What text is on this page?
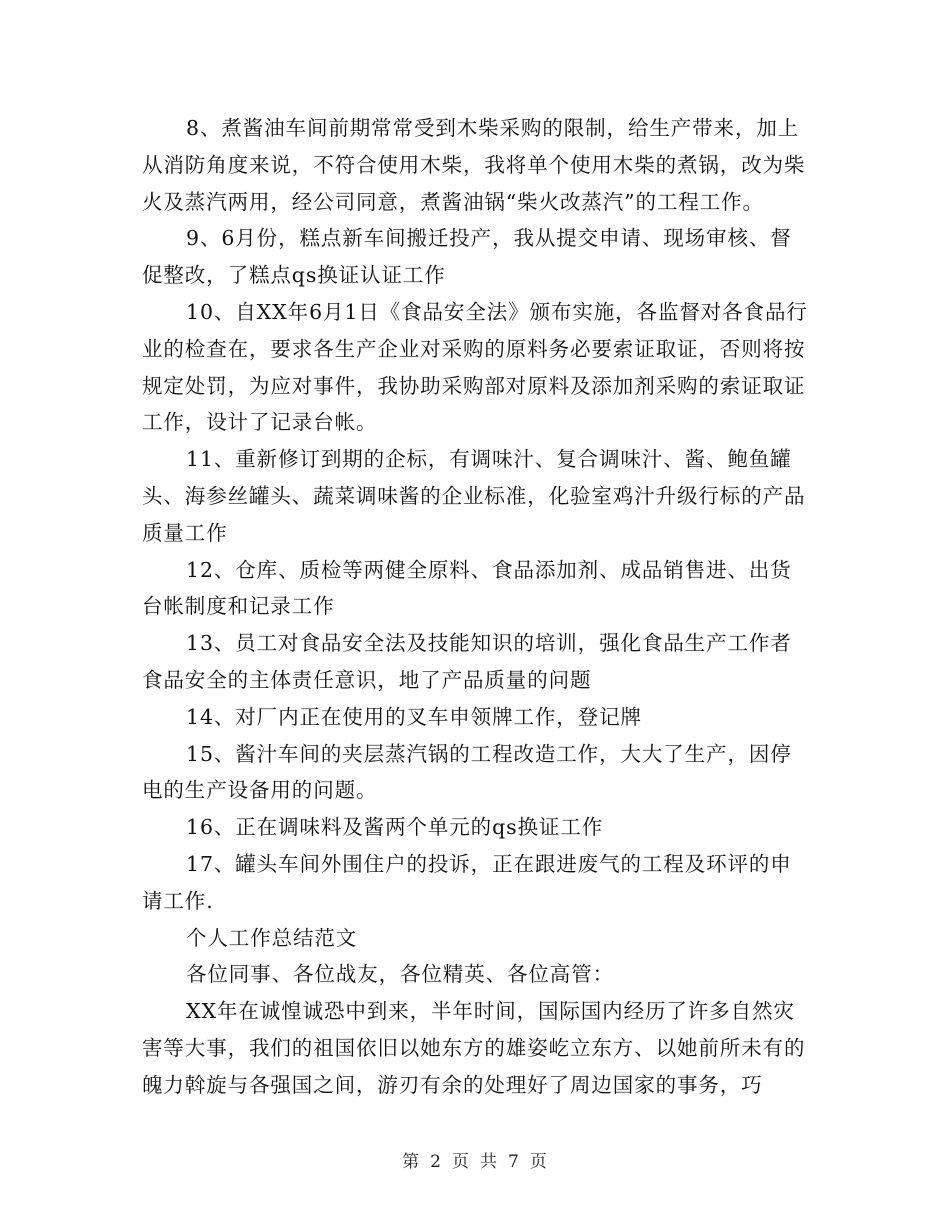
8、煮酱油车间前期常常受到木柴采购的限制，给生产带来，加上从消防角度来说，不符合使用木柴，我将单个使用木柴的煮锅，改为柴火及蒸汽两用，经公司同意，煮酱油锅“柴火改蒸汽”的工程工作。

9、6月份，糕点新车间搬迁投产，我从提交申请、现场审核、督促整改，了糕点qs换证认证工作

10、自XX年6月1日《食品安全法》颁布实施，各监督对各食品行业的检查在，要求各生产企业对采购的原料务必要索证取证，否则将按规定处罚，为应对事件，我协助采购部对原料及添加剂采购的索证取证工作，设计了记录台帐。

11、重新修订到期的企标，有调味汁、复合调味汁、酱、鲍鱼罐头、海参丝罐头、蔬菜调味酱的企业标准，化验室鸡汁升级行标的产品质量工作

12、仓库、质检等两健全原料、食品添加剂、成品销售进、出货台帐制度和记录工作

13、员工对食品安全法及技能知识的培训，强化食品生产工作者食品安全的主体责任意识，地了产品质量的问题

14、对厂内正在使用的叉车申领牌工作，登记牌

15、酱汁车间的夹层蒸汽锅的工程改造工作，大大了生产，因停电的生产设备用的问题。

16、正在调味料及酱两个单元的qs换证工作

17、罐头车间外围住户的投诉，正在跟进废气的工程及环评的申请工作.

个人工作总结范文

各位同事、各位战友，各位精英、各位高管：

XX年在诚惶诚恐中到来，半年时间，国际国内经历了许多自然灾害等大事，我们的祖国依旧以她东方的雄姿屹立东方、以她前所未有的魄力斡旋与各强国之间，游刃有余的处理好了周边国家的事务，巧

第 2 页 共 7 页
